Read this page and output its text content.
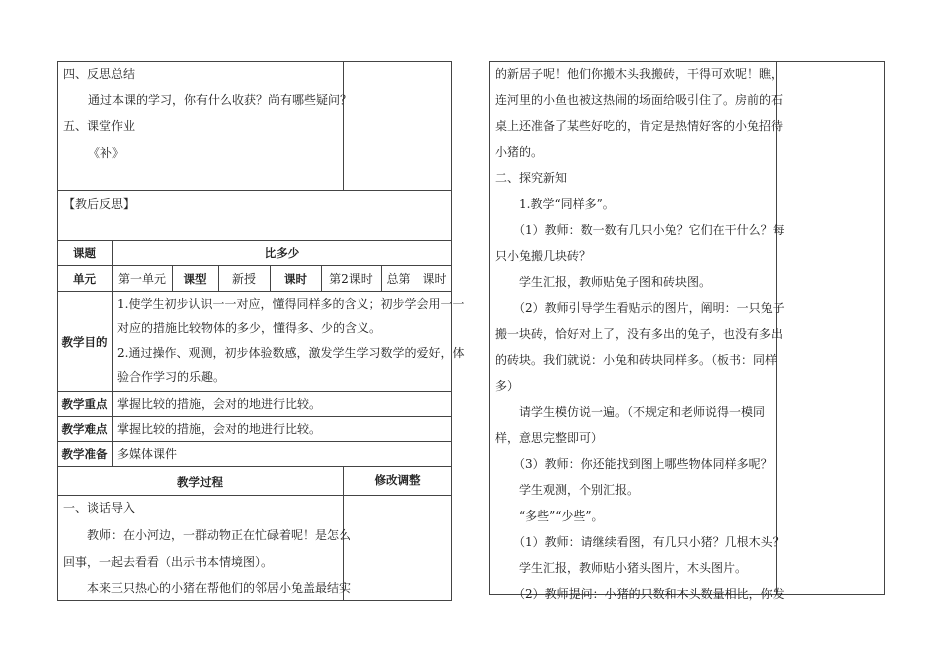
四、反思总结
通过本课的学习，你有什么收获？尚有哪些疑问？
五、课堂作业
《补》
【教后反思】
课题	比多少
单元	第一单元	课型	新授	课时	第2课时	总第　课时
教学目的
1.使学生初步认识一一对应，懂得同样多的含义；初步学会用一一
对应的措施比较物体的多少，懂得多、少的含义。
2.通过操作、观测，初步体验数感，激发学生学习数学的爱好，体
验合作学习的乐趣。
教学重点 掌握比较的措施，会对的地进行比较。
教学难点 掌握比较的措施，会对的地进行比较。
教学准备 多媒体课件
教学过程	修改调整
一、谈话导入
　　教师：在小河边，一群动物正在忙碌着呢！是怎么
回事，一起去看看（出示书本情境图）。
　　本来三只热心的小猪在帮他们的邻居小兔盖最结实
的新居子呢！他们你搬木头我搬砖，干得可欢呢！瞧，
连河里的小鱼也被这热闹的场面给吸引住了。房前的石
桌上还准备了某些好吃的，肯定是热情好客的小兔招待
小猪的。
二、探究新知
　　1.教学“同样多”。
　　（1）教师：数一数有几只小兔？它们在干什么？每
只小兔搬几块砖？
　　学生汇报，教师贴兔子图和砖块图。
　　（2）教师引导学生看贴示的图片，阐明：一只兔子
搬一块砖，恰好对上了，没有多出的兔子，也没有多出
的砖块。我们就说：小兔和砖块同样多。（板书：同样
多）
　　请学生模仿说一遍。（不规定和老师说得一模同
样，意思完整即可）
　　（3）教师：你还能找到图上哪些物体同样多呢？
　　学生观测，个别汇报。
　　“多些”“少些”。
　　（1）教师：请继续看图，有几只小猪？几根木头？
　　学生汇报，教师贴小猪头图片，木头图片。
　　（2）教师提问：小猪的只数和木头数量相比，你发
